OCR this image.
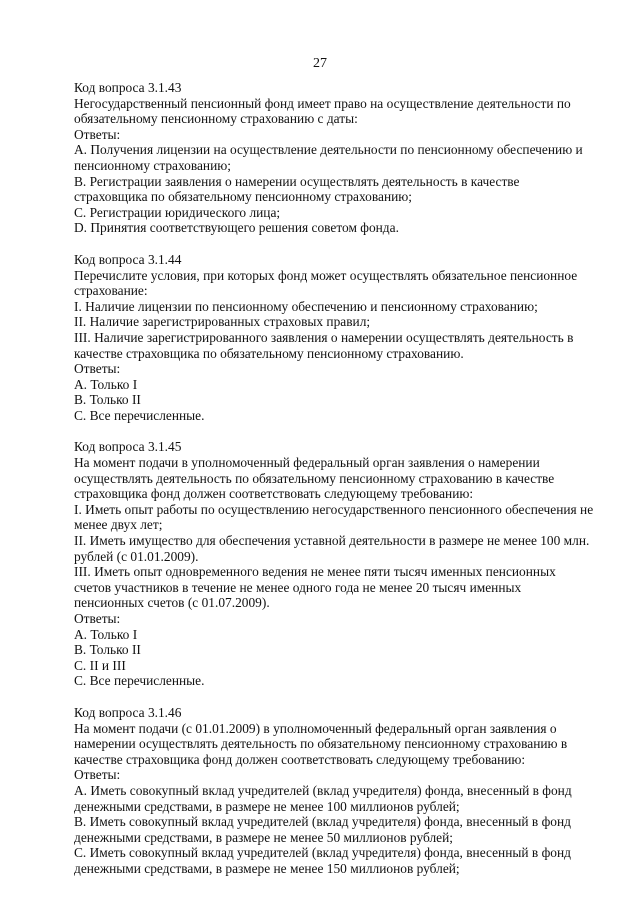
27
Код вопроса 3.1.43
Негосударственный пенсионный фонд имеет право на осуществление деятельности по
обязательному пенсионному страхованию с даты:
Ответы:
A. Получения лицензии на осуществление деятельности по пенсионному обеспечению и
пенсионному страхованию;
B. Регистрации заявления о намерении осуществлять деятельность в качестве
страховщика по обязательному пенсионному страхованию;
C. Регистрации юридического лица;
D. Принятия соответствующего решения советом фонда.
Код вопроса 3.1.44
Перечислите условия, при которых фонд может осуществлять обязательное пенсионное
страхование:
I. Наличие лицензии по пенсионному обеспечению и пенсионному страхованию;
II. Наличие зарегистрированных страховых правил;
III. Наличие зарегистрированного заявления о намерении осуществлять деятельность в
качестве страховщика по обязательному пенсионному страхованию.
Ответы:
A. Только I
B. Только II
C. Все перечисленные.
Код вопроса 3.1.45
На момент подачи в уполномоченный федеральный орган заявления о намерении
осуществлять деятельность по обязательному пенсионному страхованию в качестве
страховщика фонд должен соответствовать следующему требованию:
I. Иметь опыт работы по осуществлению негосударственного пенсионного обеспечения не
менее двух лет;
II. Иметь имущество для обеспечения уставной деятельности в размере не менее 100 млн.
рублей (с 01.01.2009).
III. Иметь опыт одновременного ведения не менее пяти тысяч именных пенсионных
счетов участников в течение не менее одного года не менее 20 тысяч именных
пенсионных счетов (с 01.07.2009).
Ответы:
A. Только I
B. Только II
C. II и III
C. Все перечисленные.
Код вопроса 3.1.46
На момент подачи (с 01.01.2009) в уполномоченный федеральный орган заявления о
намерении осуществлять деятельность по обязательному пенсионному страхованию в
качестве страховщика фонд должен соответствовать следующему требованию:
Ответы:
A. Иметь совокупный вклад учредителей (вклад учредителя) фонда, внесенный в фонд
денежными средствами, в размере не менее 100 миллионов рублей;
B. Иметь совокупный вклад учредителей (вклад учредителя) фонда, внесенный в фонд
денежными средствами, в размере не менее 50 миллионов рублей;
C. Иметь совокупный вклад учредителей (вклад учредителя) фонда, внесенный в фонд
денежными средствами, в размере не менее 150 миллионов рублей;
